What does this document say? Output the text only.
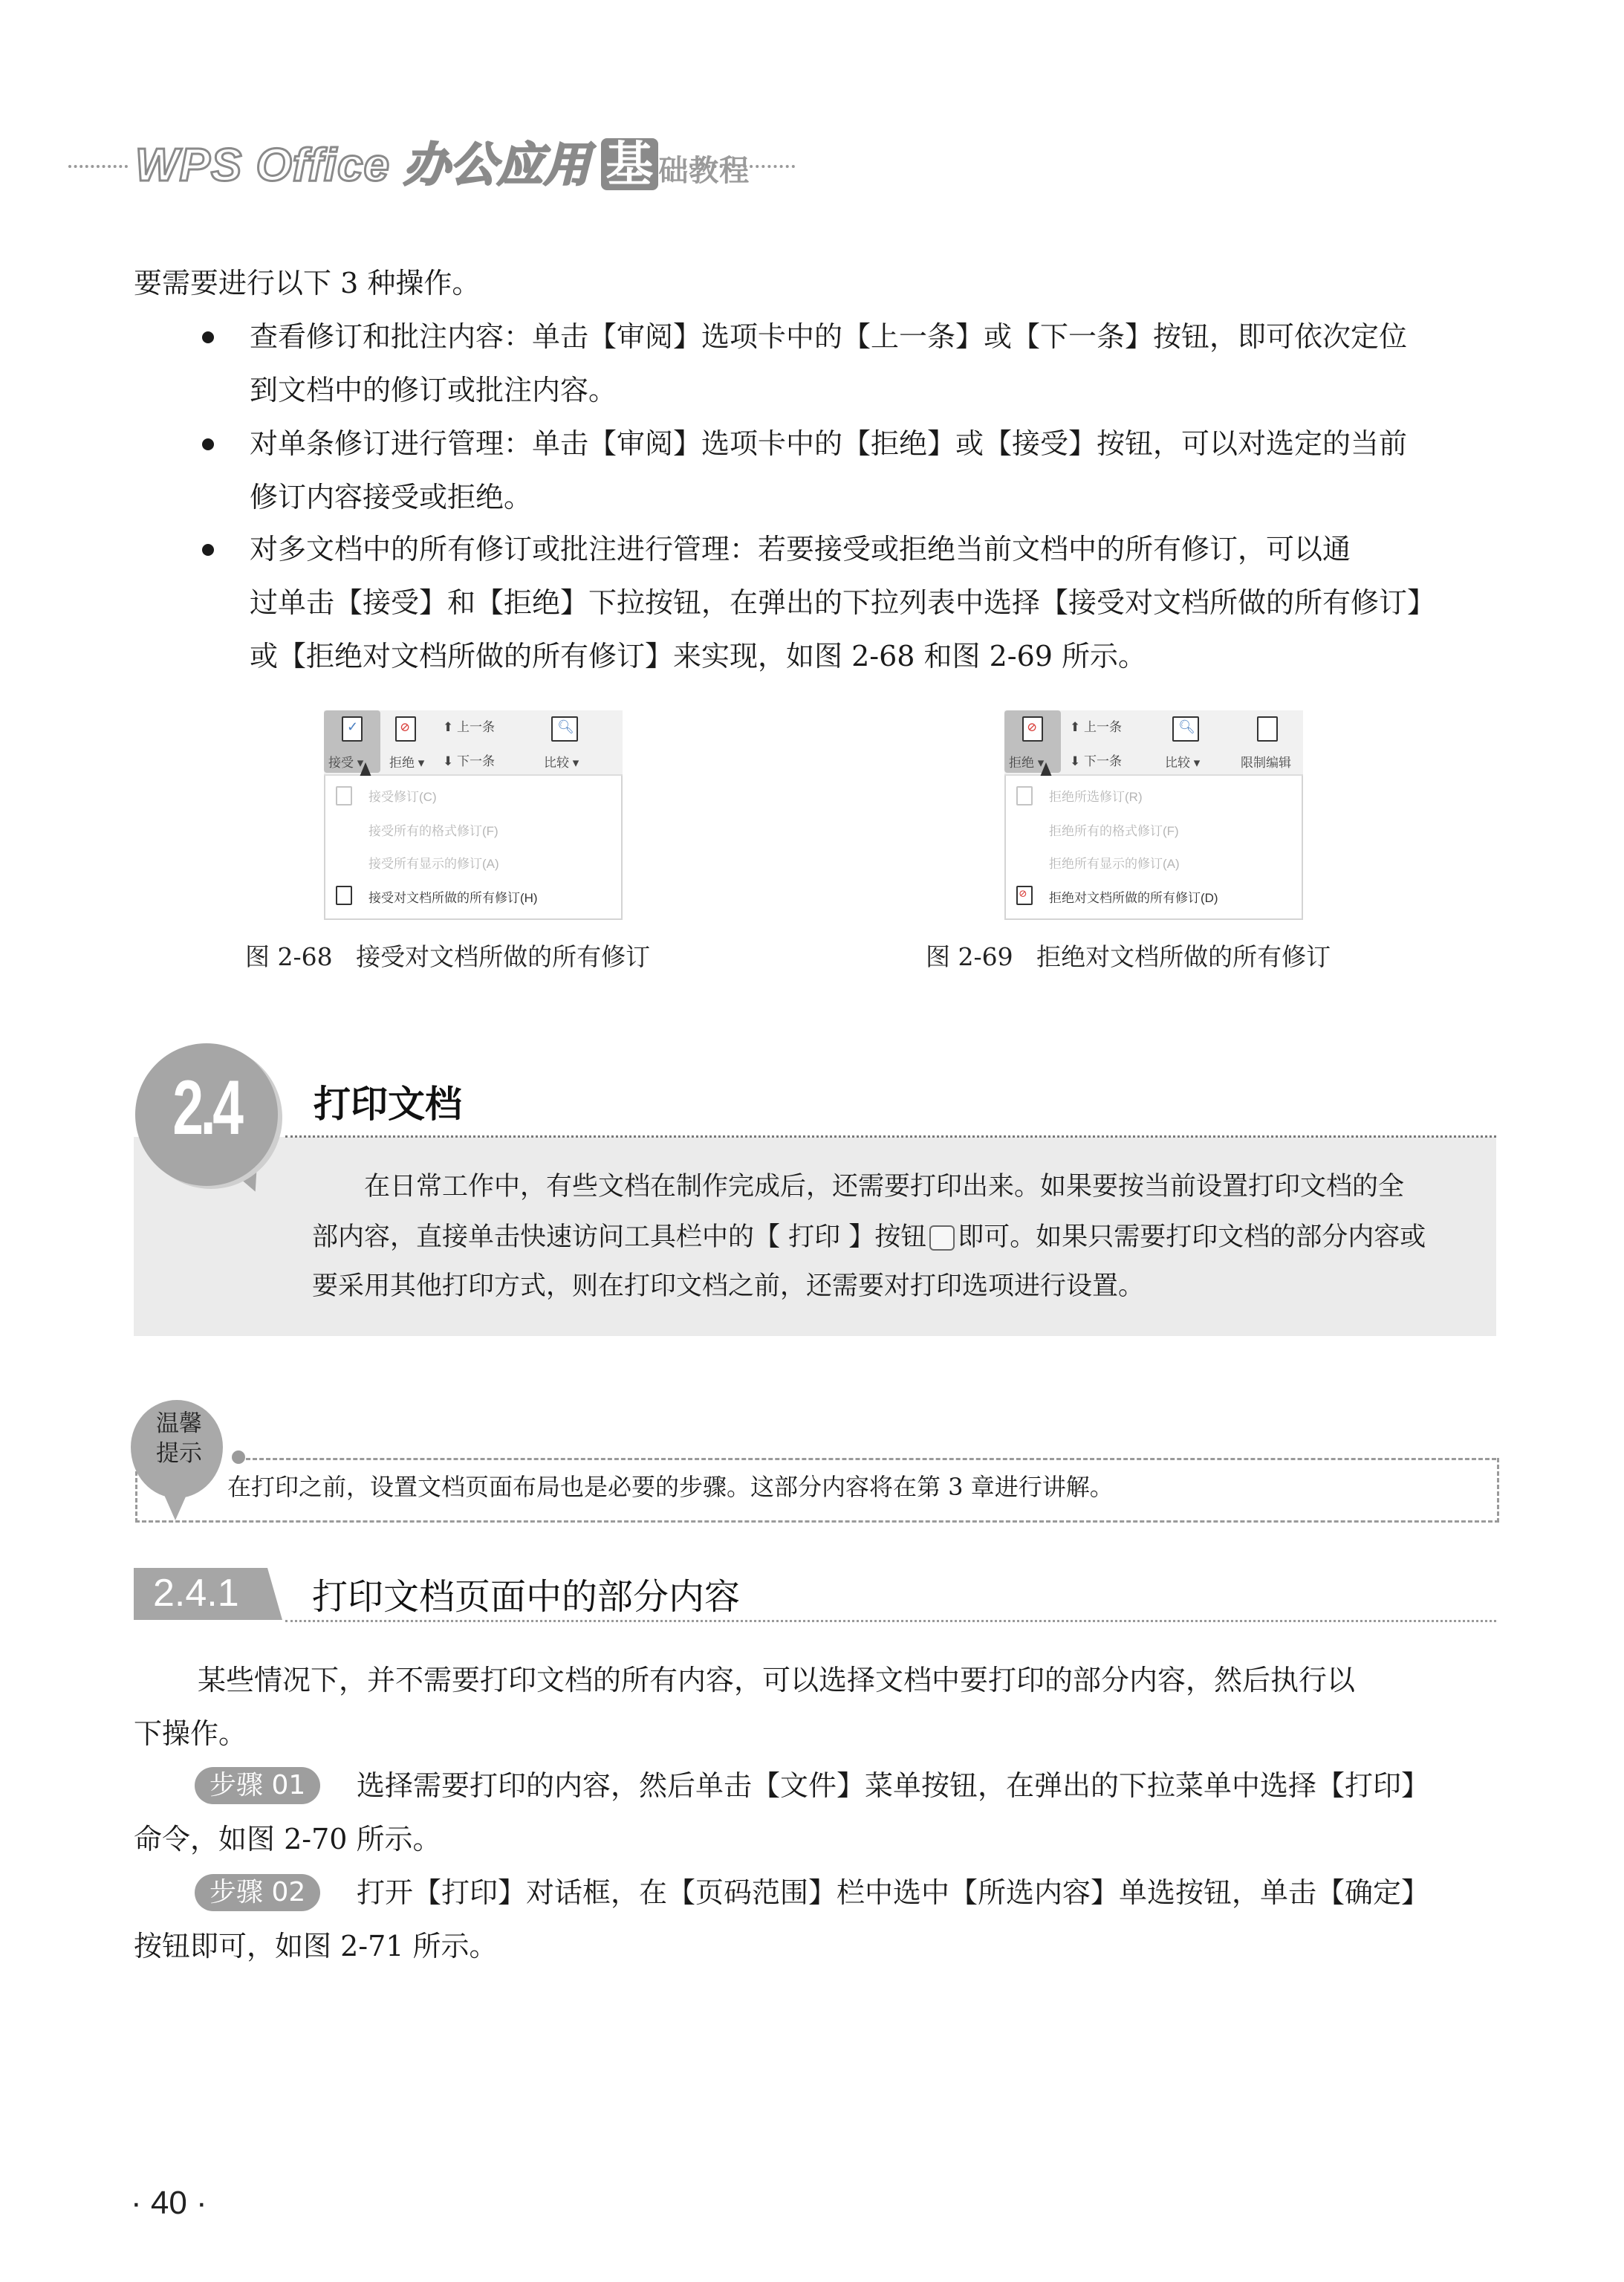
WPS Office 办公应用 基 础教程
要需要进行以下 3 种操作。
查看修订和批注内容：单击【审阅】选项卡中的【上一条】或【下一条】按钮，即可依次定位
到文档中的修订或批注内容。
对单条修订进行管理：单击【审阅】选项卡中的【拒绝】或【接受】按钮，可以对选定的当前
修订内容接受或拒绝。
对多文档中的所有修订或批注进行管理：若要接受或拒绝当前文档中的所有修订，可以通
过单击【接受】和【拒绝】下拉按钮，在弹出的下拉列表中选择【接受对文档所做的所有修订】
或【拒绝对文档所做的所有修订】来实现，如图 2-68 和图 2-69 所示。
✓
接受 ▾
⊘
拒绝 ▾
⬆ 上一条
⬇ 下一条
🔍︎
比较 ▾
接受修订(C)
接受所有的格式修订(F)
接受所有显示的修订(A)
接受对文档所做的所有修订(H)
图 2-68 接受对文档所做的所有修订
⊘
拒绝 ▾
⬆ 上一条
⬇ 下一条
🔍︎
比较 ▾	限制编辑
拒绝所选修订(R)
拒绝所有的格式修订(F)
拒绝所有显示的修订(A)
⊘ 拒绝对文档所做的所有修订(D)
图 2-69 拒绝对文档所做的所有修订
2.4	打印文档
在日常工作中，有些文档在制作完成后，还需要打印出来。如果要按当前设置打印文档的全
部内容，直接单击快速访问工具栏中的【 打印 】按钮 即可。如果只需要打印文档的部分内容或
要采用其他打印方式，则在打印文档之前，还需要对打印选项进行设置。
温馨
提示
在打印之前，设置文档页面布局也是必要的步骤。这部分内容将在第 3 章进行讲解。
2.4.1 打印文档页面中的部分内容
某些情况下，并不需要打印文档的所有内容，可以选择文档中要打印的部分内容，然后执行以
下操作。
步骤 01	选择需要打印的内容，然后单击【文件】菜单按钮，在弹出的下拉菜单中选择【打印】
命令，如图 2-70 所示。
步骤 02	打开【打印】对话框，在【页码范围】栏中选中【所选内容】单选按钮，单击【确定】
按钮即可，如图 2-71 所示。
· 40 ·
